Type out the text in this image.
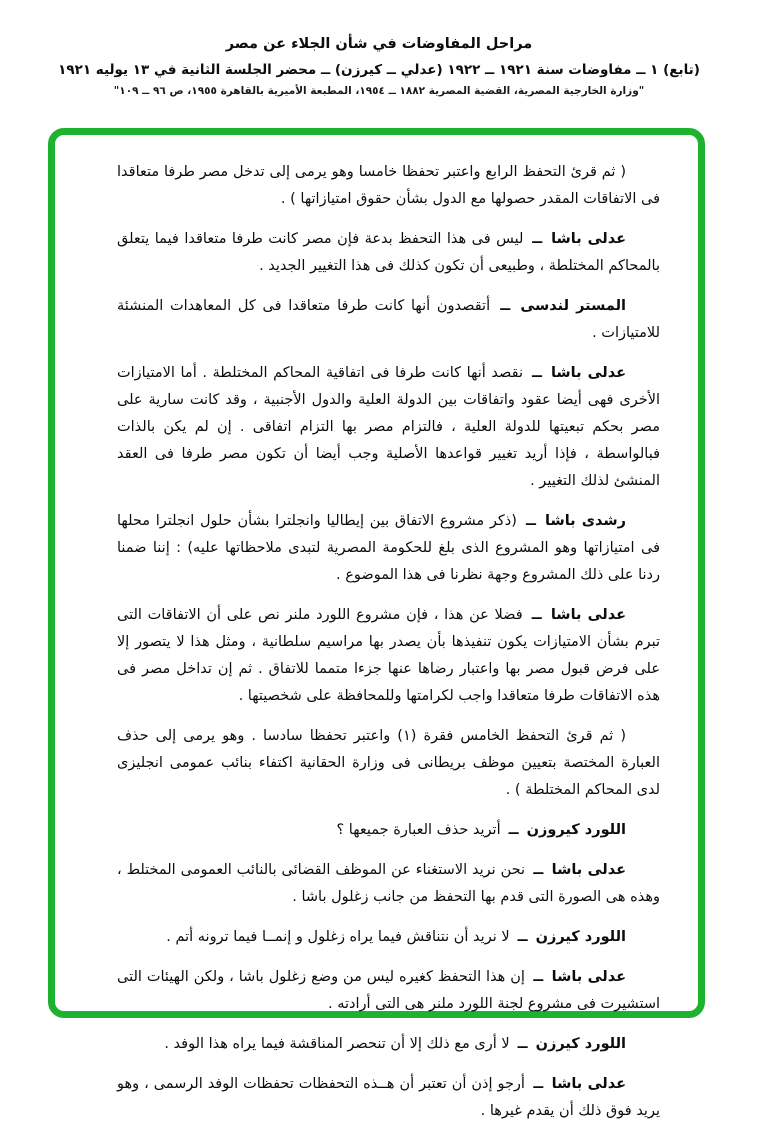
مراحل المفاوضات في شأن الجلاء عن مصر
(تابع) ١ ــ مفاوضات سنة ١٩٢١ ــ ١٩٢٢ (عدلي ــ كيرزن) ــ محضر الجلسة الثانية في ١٣ يوليه ١٩٢١
"وزارة الخارجية المصرية، القضية المصرية ١٨٨٢ ــ ١٩٥٤، المطبعة الأميرية بالقاهرة ١٩٥٥، ص ٩٦ ــ ١٠٩"

( ثم قرئ التحفظ الرابع واعتبر تحفظا خامسا وهو يرمى إلى تدخل مصر طرفا متعاقدا فى الاتفاقات المقدر حصولها مع الدول بشأن حقوق امتيازاتها ) .

عدلى باشا ــ ليس فى هذا التحفظ بدعة فإن مصر كانت طرفا متعاقدا فيما يتعلق بالمحاكم المختلطة ، وطبيعى أن تكون كذلك فى هذا التغيير الجديد .

المستر لندسى ــ أتقصدون أنها كانت طرفا متعاقدا فى كل المعاهدات المنشئة للامتيازات .

عدلى باشا ــ نقصد أنها كانت طرفا فى اتفاقية المحاكم المختلطة . أما الامتيازات الأخرى فهى أيضا عقود واتفاقات بين الدولة العلية والدول الأجنبية ، وقد كانت سارية على مصر بحكم تبعيتها للدولة العلية ، فالتزام مصر بها التزام اتفاقى . إن لم يكن بالذات فبالواسطة ، فإذا أريد تغيير قواعدها الأصلية وجب أيضا أن تكون مصر طرفا فى العقد المنشئ لذلك التغيير .

رشدى باشا ــ (ذكر مشروع الاتفاق بين إيطاليا وانجلترا بشأن حلول انجلترا محلها فى امتيازاتها وهو المشروع الذى بلغ للحكومة المصرية لتبدى ملاحظاتها عليه) : إننا ضمنا ردنا على ذلك المشروع وجهة نظرنا فى هذا الموضوع .

عدلى باشا ــ فضلا عن هذا ، فإن مشروع اللورد ملنر نص على أن الاتفاقات التى تبرم بشأن الامتيازات يكون تنفيذها بأن يصدر بها مراسيم سلطانية ، ومثل هذا لا يتصور إلا على فرض قبول مصر بها واعتبار رضاها عنها جزءا متمما للاتفاق . ثم إن تداخل مصر فى هذه الاتفاقات طرفا متعاقدا واجب لكرامتها وللمحافظة على شخصيتها .

( ثم قرئ التحفظ الخامس فقرة (١) واعتبر تحفظا سادسا . وهو يرمى إلى حذف العبارة المختصة بتعيين موظف بريطانى فى وزارة الحقانية اكتفاء بنائب عمومى انجليزى لدى المحاكم المختلطة ) .

اللورد كيروزن ــ أتريد حذف العبارة جميعها ؟

عدلى باشا ــ نحن نريد الاستغناء عن الموظف القضائى بالنائب العمومى المختلط ، وهذه هى الصورة التى قدم بها التحفظ من جانب زغلول باشا .

اللورد كيرزن ــ لا نريد أن نتناقش فيما يراه زغلول و إنمــا فيما ترونه أتم .

عدلى باشا ــ إن هذا التحفظ كغيره ليس من وضع زغلول باشا ، ولكن الهيئات التى استشيرت فى مشروع لجنة اللورد ملنر هى التى أرادته .

اللورد كيرزن ــ لا أرى مع ذلك إلا أن تنحصر المناقشة فيما يراه هذا الوفد .

عدلى باشا ــ أرجو إذن أن تعتبر أن هــذه التحفظات تحفظات الوفد الرسمى ، وهو يريد فوق ذلك أن يقدم غيرها .
